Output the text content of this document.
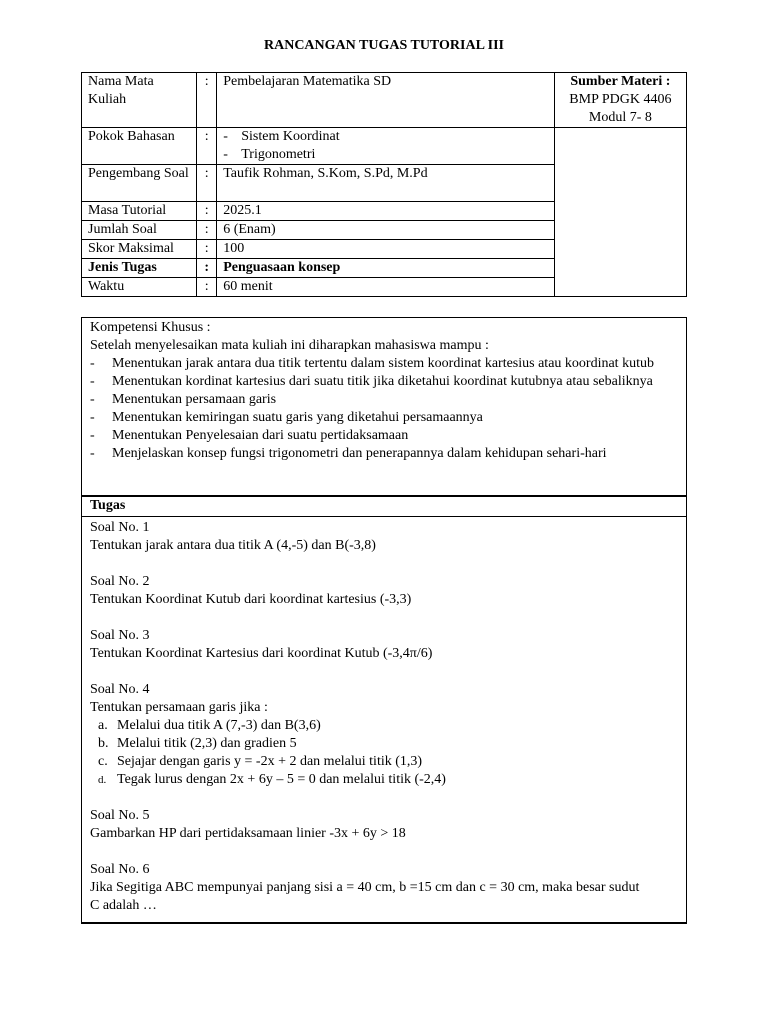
RANCANGAN TUGAS TUTORIAL III
Nama Mata Kuliah	:	Pembelajaran Matematika SD	Sumber Materi :
BMP PDGK 4406
Modul 7- 8

Pokok Bahasan	:	- Sistem Koordinat
- Trigonometri	

Pengembang Soal	:	Taufik Rohman, S.Kom, S.Pd, M.Pd	
Masa Tutorial	:	2025.1	
Jumlah Soal	:	6 (Enam)	
Skor Maksimal	:	100	
Jenis Tugas	:	Penguasaan konsep	
Waktu	:	60 menit	
Kompetensi Khusus :
Setelah menyelesaikan mata kuliah ini diharapkan mahasiswa mampu :
- Menentukan jarak antara dua titik tertentu dalam sistem koordinat kartesius atau koordinat kutub
- Menentukan kordinat kartesius dari suatu titik jika diketahui koordinat kutubnya atau sebaliknya
- Menentukan persamaan garis
- Menentukan kemiringan suatu garis yang diketahui persamaannya
- Menentukan Penyelesaian dari suatu pertidaksamaan
- Menjelaskan konsep fungsi trigonometri dan penerapannya dalam kehidupan sehari-hari
Tugas
Soal No. 1
Tentukan jarak antara dua titik A (4,-5) dan B(-3,8)
Soal No. 2
Tentukan Koordinat Kutub dari koordinat kartesius (-3,3)
Soal No. 3
Tentukan Koordinat Kartesius dari koordinat Kutub (-3,4π/6)
Soal No. 4
Tentukan persamaan garis jika :
a. Melalui dua titik A (7,-3) dan B(3,6)
b. Melalui titik (2,3) dan gradien 5
c. Sejajar dengan garis y = -2x + 2 dan melalui titik (1,3)
d. Tegak lurus dengan 2x + 6y – 5 = 0 dan melalui titik (-2,4)
Soal No. 5
Gambarkan HP dari pertidaksamaan linier -3x + 6y > 18
Soal No. 6
Jika Segitiga ABC mempunyai panjang sisi a = 40 cm, b =15 cm dan c = 30 cm, maka besar sudut C adalah …
